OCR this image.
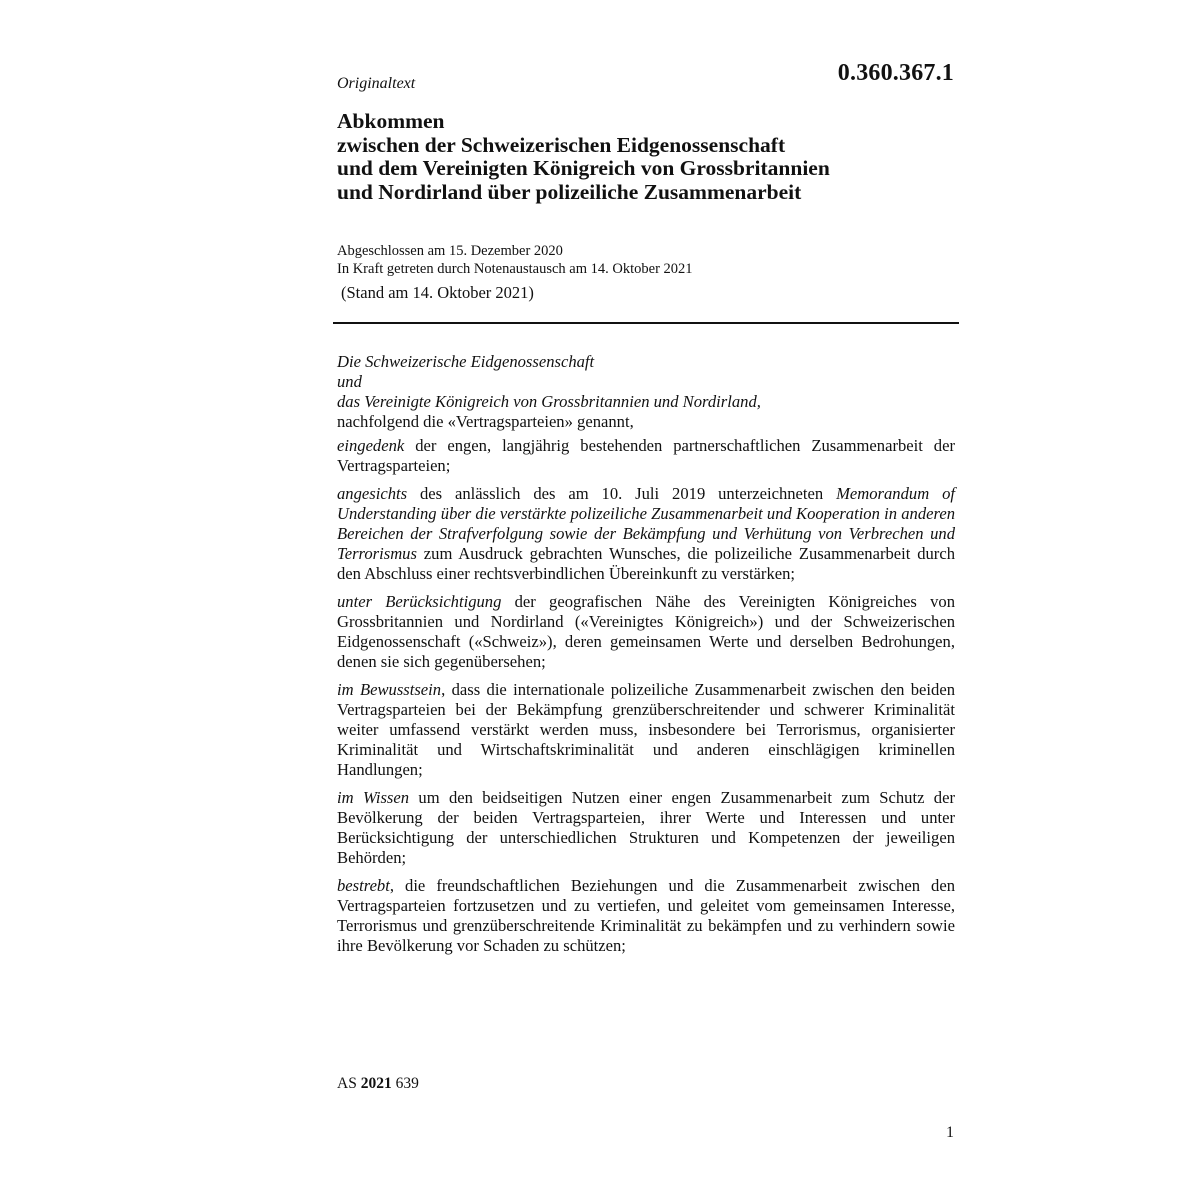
0.360.367.1
Originaltext
Abkommen
zwischen der Schweizerischen Eidgenossenschaft
und dem Vereinigten Königreich von Grossbritannien
und Nordirland über polizeiliche Zusammenarbeit
Abgeschlossen am 15. Dezember 2020
In Kraft getreten durch Notenaustausch am 14. Oktober 2021
(Stand am 14. Oktober 2021)
Die Schweizerische Eidgenossenschaft
und
das Vereinigte Königreich von Grossbritannien und Nordirland,
nachfolgend die «Vertragsparteien» genannt,
eingedenk der engen, langjährig bestehenden partnerschaftlichen Zusammenarbeit der Vertragsparteien;
angesichts des anlässlich des am 10. Juli 2019 unterzeichneten Memorandum of Understanding über die verstärkte polizeiliche Zusammenarbeit und Kooperation in anderen Bereichen der Strafverfolgung sowie der Bekämpfung und Verhütung von Verbrechen und Terrorismus zum Ausdruck gebrachten Wunsches, die polizeiliche Zusammenarbeit durch den Abschluss einer rechtsverbindlichen Übereinkunft zu verstärken;
unter Berücksichtigung der geografischen Nähe des Vereinigten Königreiches von Grossbritannien und Nordirland («Vereinigtes Königreich») und der Schweizerischen Eidgenossenschaft («Schweiz»), deren gemeinsamen Werte und derselben Bedrohungen, denen sie sich gegenübersehen;
im Bewusstsein, dass die internationale polizeiliche Zusammenarbeit zwischen den beiden Vertragsparteien bei der Bekämpfung grenzüberschreitender und schwerer Kriminalität weiter umfassend verstärkt werden muss, insbesondere bei Terrorismus, organisierter Kriminalität und Wirtschaftskriminalität und anderen einschlägigen kriminellen Handlungen;
im Wissen um den beidseitigen Nutzen einer engen Zusammenarbeit zum Schutz der Bevölkerung der beiden Vertragsparteien, ihrer Werte und Interessen und unter Berücksichtigung der unterschiedlichen Strukturen und Kompetenzen der jeweiligen Behörden;
bestrebt, die freundschaftlichen Beziehungen und die Zusammenarbeit zwischen den Vertragsparteien fortzusetzen und zu vertiefen, und geleitet vom gemeinsamen Interesse, Terrorismus und grenzüberschreitende Kriminalität zu bekämpfen und zu verhindern sowie ihre Bevölkerung vor Schaden zu schützen;
AS 2021 639
1
